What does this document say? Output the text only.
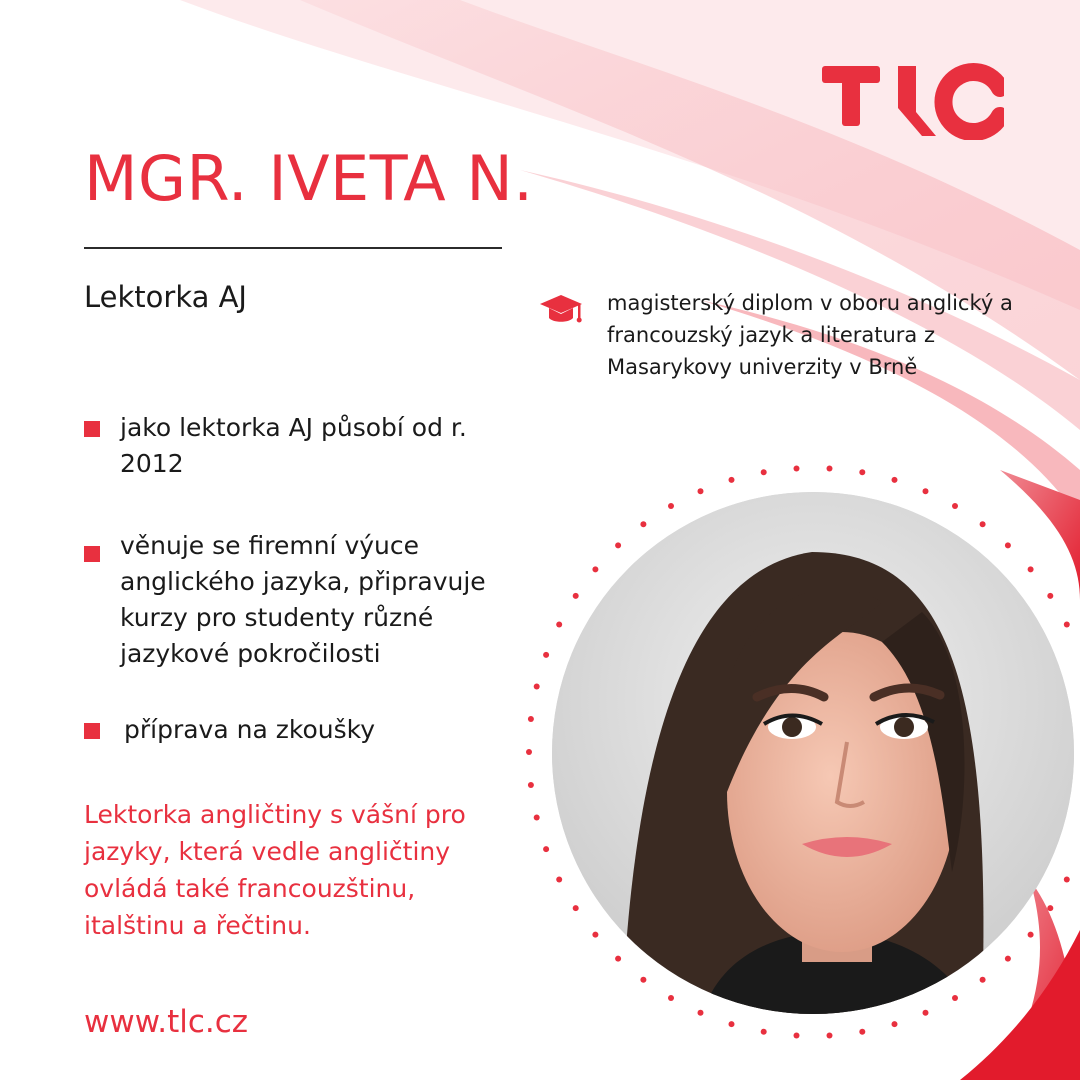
MGR. IVETA N.
Lektorka AJ
jako lektorka AJ působí od r. 2012
věnuje se firemní výuce anglického jazyka, připravuje kurzy pro studenty různé jazykové pokročilosti
příprava na zkoušky
Lektorka angličtiny s vášní pro jazyky, která vedle angličtiny ovládá také francouzštinu, italštinu a řečtinu.
www.tlc.cz
magisterský diplom v oboru anglický a francouzský jazyk a literatura z Masarykovy univerzity v Brně
